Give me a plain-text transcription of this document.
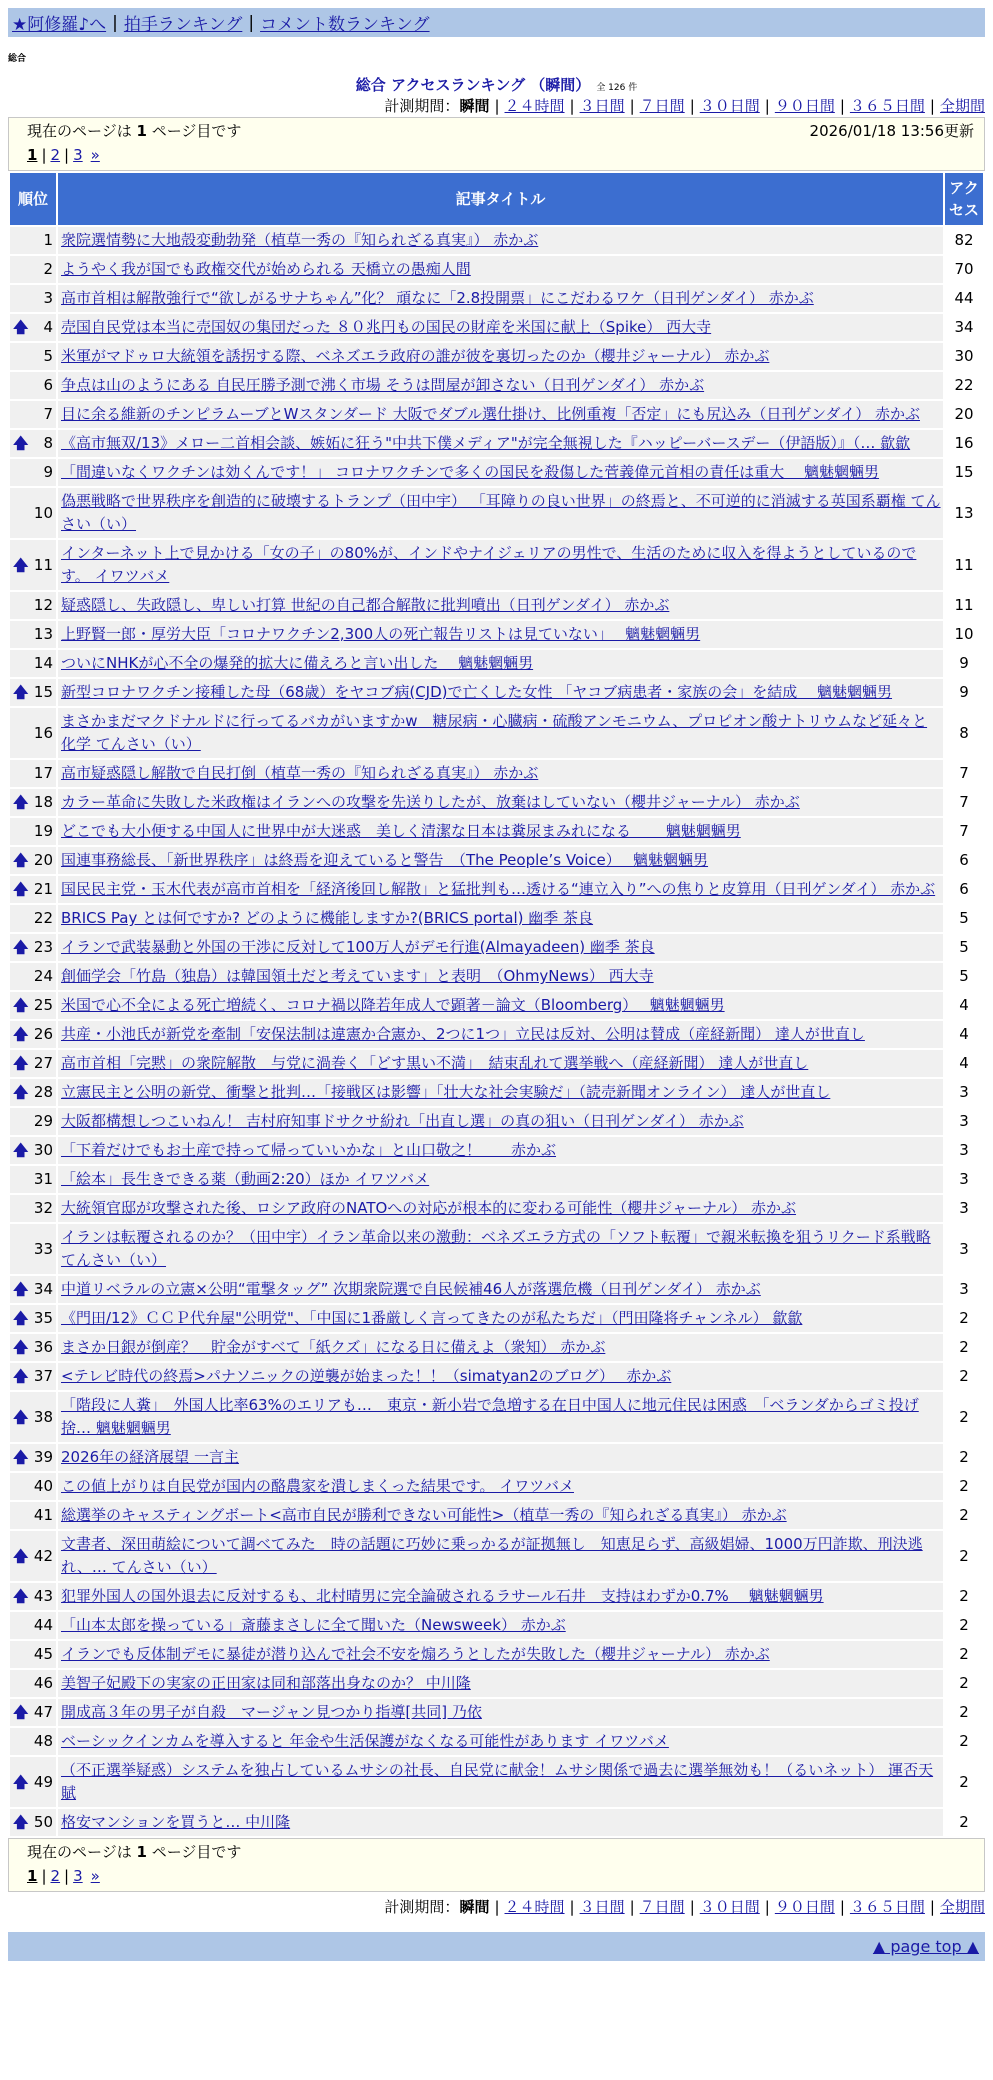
★阿修羅♪へ | 拍手ランキング | コメント数ランキング
総合
総合 アクセスランキング （瞬間） 全 126 件
計測期間：瞬間 | ２４時間 | ３日間 | ７日間 | ３０日間 | ９０日間 | ３６５日間 | 全期間
現在のページは 1 ページ目です	2026/01/18 13:56更新
1 | 2 | 3 »
順位	記事タイトル	アクセス
1	衆院選情勢に大地殻変動勃発（植草一秀の『知られざる真実』） 赤かぶ	82
2	ようやく我が国でも政権交代が始められる 天橋立の愚痴人間	70
3	高市首相は解散強行で“欲しがるサナちゃん”化？ 頑なに「2.8投開票」にこだわるワケ（日刊ゲンダイ） 赤かぶ	44

🡅 4	売国自民党は本当に売国奴の集団だった ８０兆円もの国民の財産を米国に献上（Spike） 西大寺	34
5	米軍がマドゥロ大統領を誘拐する際、ベネズエラ政府の誰が彼を裏切ったのか（櫻井ジャーナル） 赤かぶ	30
6	争点は山のようにある 自民圧勝予測で沸く市場 そうは問屋が卸さない（日刊ゲンダイ） 赤かぶ	22
7	目に余る維新のチンピラムーブとWスタンダード 大阪でダブル選仕掛け、比例重複「否定」にも尻込み（日刊ゲンダイ） 赤かぶ	20

🡅 8	《高市無双/13》メロー二首相会談、嫉妬に狂う"中共下僕メディア"が完全無視した『ハッピーバースデー（伊語版）』（… 歙歙	16
9	「間違いなくワクチンは効くんです！」 コロナワクチンで多くの国民を殺傷した菅義偉元首相の責任は重大　 魑魅魍魎男	15
10	偽悪戦略で世界秩序を創造的に破壊するトランプ（田中宇） 「耳障りの良い世界」の終焉と、不可逆的に消滅する英国系覇権 てんさい（い）	13

🡅 11	インターネット上で見かける「女の子」の80%が、インドやナイジェリアの男性で、生活のために収入を得ようとしているのです。 イワツバメ	11
12	疑惑隠し、失政隠し、卑しい打算 世紀の自己都合解散に批判噴出（日刊ゲンダイ） 赤かぶ	11
13	上野賢一郎・厚労大臣「コロナワクチン2,300人の死亡報告リストは見ていない」　 魑魅魍魎男	10
14	ついにNHKが心不全の爆発的拡大に備えろと言い出した　 魑魅魍魎男	9

🡅 15	新型コロナワクチン接種した母（68歳）をヤコブ病(CJD)で亡くした女性 「ヤコブ病患者・家族の会」を結成　 魑魅魍魎男	9
16	まさかまだマクドナルドに行ってるバカがいますかw　糖尿病・心臓病・硫酸アンモニウム、プロピオン酸ナトリウムなど延々と化学 てんさい（い）	8
17	高市疑惑隠し解散で自民打倒（植草一秀の『知られざる真実』） 赤かぶ	7

🡅 18	カラー革命に失敗した米政権はイランへの攻撃を先送りしたが、放棄はしていない（櫻井ジャーナル） 赤かぶ	7
19	どこでも大小便する中国人に世界中が大迷惑　美しく清潔な日本は糞尿まみれになる　　 魑魅魍魎男	7

🡅 20	国連事務総長、「新世界秩序」は終焉を迎えていると警告　（The People’s Voice）　 魑魅魍魎男	6

🡅 21	国民民主党・玉木代表が高市首相を「経済後回し解散」と猛批判も…透ける“連立入り”への焦りと皮算用（日刊ゲンダイ） 赤かぶ	6
22	BRICS Pay とは何ですか? どのように機能しますか?(BRICS portal) 幽季 茶良	5

🡅 23	イランで武装暴動と外国の干渉に反対して100万人がデモ行進(Almayadeen) 幽季 茶良	5
24	創価学会「竹島（独島）は韓国領土だと考えています」と表明　（OhmyNews） 西大寺	5

🡅 25	米国で心不全による死亡増続く、コロナ禍以降若年成人で顕著－論文（Bloomberg）　 魑魅魍魎男	4

🡅 26	共産・小池氏が新党を牽制「安保法制は違憲か合憲か、2つに1つ」立民は反対、公明は賛成（産経新聞） 達人が世直し	4

🡅 27	高市首相「完黙」の衆院解散　与党に渦巻く「どす黒い不満」　結束乱れて選挙戦へ（産経新聞） 達人が世直し	4

🡅 28	立憲民主と公明の新党、衝撃と批判…「接戦区は影響」「壮大な社会実験だ」（読売新聞オンライン） 達人が世直し	3
29	大阪都構想しつこいねん！ 吉村府知事ドサクサ紛れ「出直し選」の真の狙い（日刊ゲンダイ） 赤かぶ	3

🡅 30	「下着だけでもお土産で持って帰っていいかな」と山口敬之！　　赤かぶ	3
31	「絵本」長生きできる薬（動画2:20）ほか イワツバメ	3
32	大統領官邸が攻撃された後、ロシア政府のNATOへの対応が根本的に変わる可能性（櫻井ジャーナル） 赤かぶ	3
33	イランは転覆されるのか？（田中宇）イラン革命以来の激動：ベネズエラ方式の「ソフト転覆」で親米転換を狙うリクード系戦略 てんさい（い）	3

🡅 34	中道リベラルの立憲×公明“電撃タッグ” 次期衆院選で自民候補46人が落選危機（日刊ゲンダイ） 赤かぶ	3

🡅 35	《門田/12》ＣＣＰ代弁屋"公明党"、「中国に1番厳しく言ってきたのが私たちだ」（門田隆将チャンネル） 歙歙	2

🡅 36	まさか日銀が倒産？　貯金がすべて「紙クズ」になる日に備えよ（衆知） 赤かぶ	2

🡅 37	<テレビ時代の終焉>パナソニックの逆襲が始まった！！（simatyan2のブログ）　 赤かぶ	2

🡅 38	「階段に人糞」　外国人比率63%のエリアも…　東京・新小岩で急増する在日中国人に地元住民は困惑　「ベランダからゴミ投げ捨… 魑魅魍魎男	2

🡅 39	2026年の経済展望 一言主	2
40	この値上がりは自民党が国内の酪農家を潰しまくった結果です。 イワツバメ	2
41	総選挙のキャスティングボート<高市自民が勝利できない可能性>（植草一秀の『知られざる真実』） 赤かぶ	2

🡅 42	文書者、深田萌絵について調べてみた　時の話題に巧妙に乗っかるが証拠無し　知恵足らず、高級娼婦、1000万円詐欺、刑決逃れ、… てんさい（い）	2

🡅 43	犯罪外国人の国外退去に反対するも、北村晴男に完全論破されるラサール石井　支持はわずか0.7%　 魑魅魍魎男	2
44	「山本太郎を操っている」斎藤まさしに全て聞いた（Newsweek） 赤かぶ	2
45	イランでも反体制デモに暴徒が潜り込んで社会不安を煽ろうとしたが失敗した（櫻井ジャーナル） 赤かぶ	2
46	美智子妃殿下の実家の正田家は同和部落出身なのか？ 中川隆	2

🡅 47	開成高３年の男子が自殺　マージャン見つかり指導[共同] 乃依	2
48	ベーシックインカムを導入すると 年金や生活保護がなくなる可能性があります イワツバメ	2

🡅 49	（不正選挙疑惑）システムを独占しているムサシの社長、自民党に献金！ムサシ関係で過去に選挙無効も！（るいネット） 運否天賦	2

🡅 50	格安マンションを買うと… 中川隆	2
現在のページは 1 ページ目です
1 | 2 | 3 »
計測期間：瞬間 | ２４時間 | ３日間 | ７日間 | ３０日間 | ９０日間 | ３６５日間 | 全期間
▲ page top ▲
